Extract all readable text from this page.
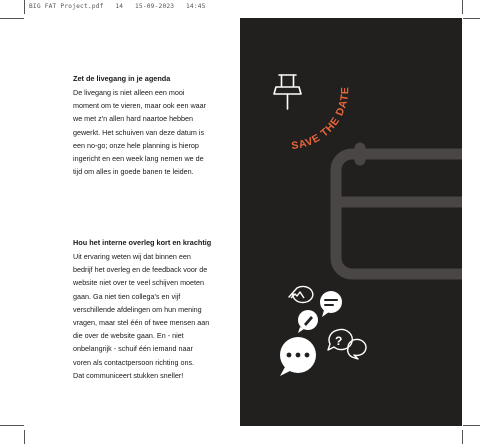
BIG FAT Project.pdf   14   15-09-2023   14:45
Zet de livegang in je agenda

De livegang is niet alleen een mooi
moment om te vieren, maar ook een waar
we met z'n allen hard naartoe hebben
gewerkt. Het schuiven van deze datum is
een no-go; onze hele planning is hierop
ingericht en een week lang nemen we de
tijd om alles in goede banen te leiden.

Hou het interne overleg kort en krachtig

Uit ervaring weten wij dat binnen een
bedrijf het overleg en de feedback voor de
website niet over te veel schijven moeten
gaan. Ga niet tien collega's en vijf
verschillende afdelingen om hun mening
vragen, maar stel één of twee mensen aan
die over de website gaan. En - niet
onbelangrijk - schuif één iemand naar
voren als contactpersoon richting ons.
Dat communiceert stukken sneller!

SAVE THE DATE
?
